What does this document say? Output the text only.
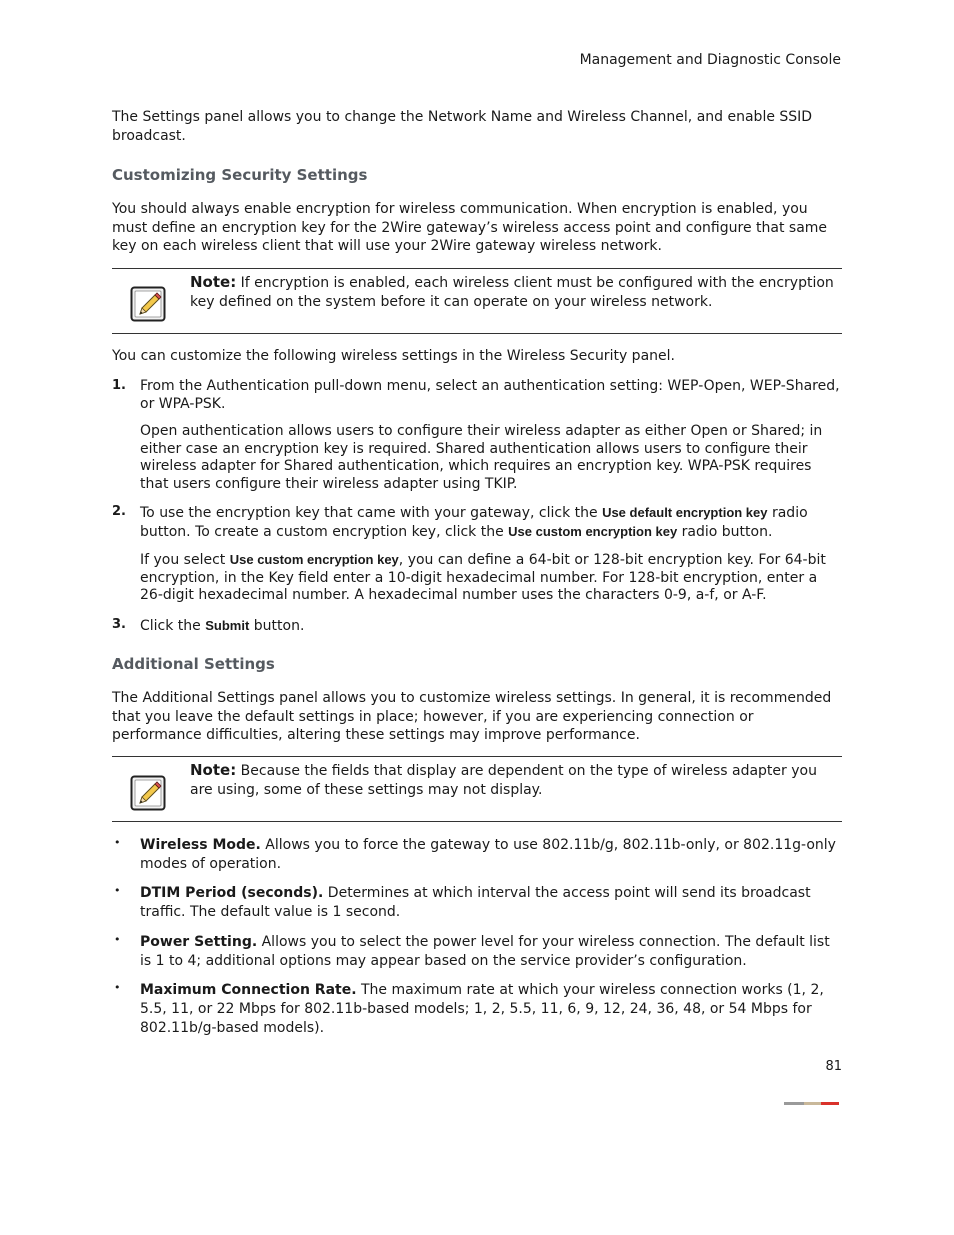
Management and Diagnostic Console

The Settings panel allows you to change the Network Name and Wireless Channel, and enable SSID broadcast.

Customizing Security Settings

You should always enable encryption for wireless communication. When encryption is enabled, you must define an encryption key for the 2Wire gateway’s wireless access point and configure that same key on each wireless client that will use your 2Wire gateway wireless network.

Note: If encryption is enabled, each wireless client must be configured with the encryption key defined on the system before it can operate on your wireless network.

You can customize the following wireless settings in the Wireless Security panel.

1. From the Authentication pull-down menu, select an authentication setting: WEP-Open, WEP-Shared, or WPA-PSK.

Open authentication allows users to configure their wireless adapter as either Open or Shared; in either case an encryption key is required. Shared authentication allows users to configure their wireless adapter for Shared authentication, which requires an encryption key. WPA-PSK requires that users configure their wireless adapter using TKIP.

2. To use the encryption key that came with your gateway, click the Use default encryption key radio button. To create a custom encryption key, click the Use custom encryption key radio button.

If you select Use custom encryption key, you can define a 64-bit or 128-bit encryption key. For 64-bit encryption, in the Key field enter a 10-digit hexadecimal number. For 128-bit encryption, enter a 26-digit hexadecimal number. A hexadecimal number uses the characters 0-9, a-f, or A-F.

3. Click the Submit button.

Additional Settings

The Additional Settings panel allows you to customize wireless settings. In general, it is recommended that you leave the default settings in place; however, if you are experiencing connection or performance difficulties, altering these settings may improve performance.

Note: Because the fields that display are dependent on the type of wireless adapter you are using, some of these settings may not display.

• Wireless Mode. Allows you to force the gateway to use 802.11b/g, 802.11b-only, or 802.11g-only modes of operation.

• DTIM Period (seconds). Determines at which interval the access point will send its broadcast traffic. The default value is 1 second.

• Power Setting. Allows you to select the power level for your wireless connection. The default list is 1 to 4; additional options may appear based on the service provider’s configuration.

• Maximum Connection Rate. The maximum rate at which your wireless connection works (1, 2, 5.5, 11, or 22 Mbps for 802.11b-based models; 1, 2, 5.5, 11, 6, 9, 12, 24, 36, 48, or 54 Mbps for 802.11b/g-based models).

81
